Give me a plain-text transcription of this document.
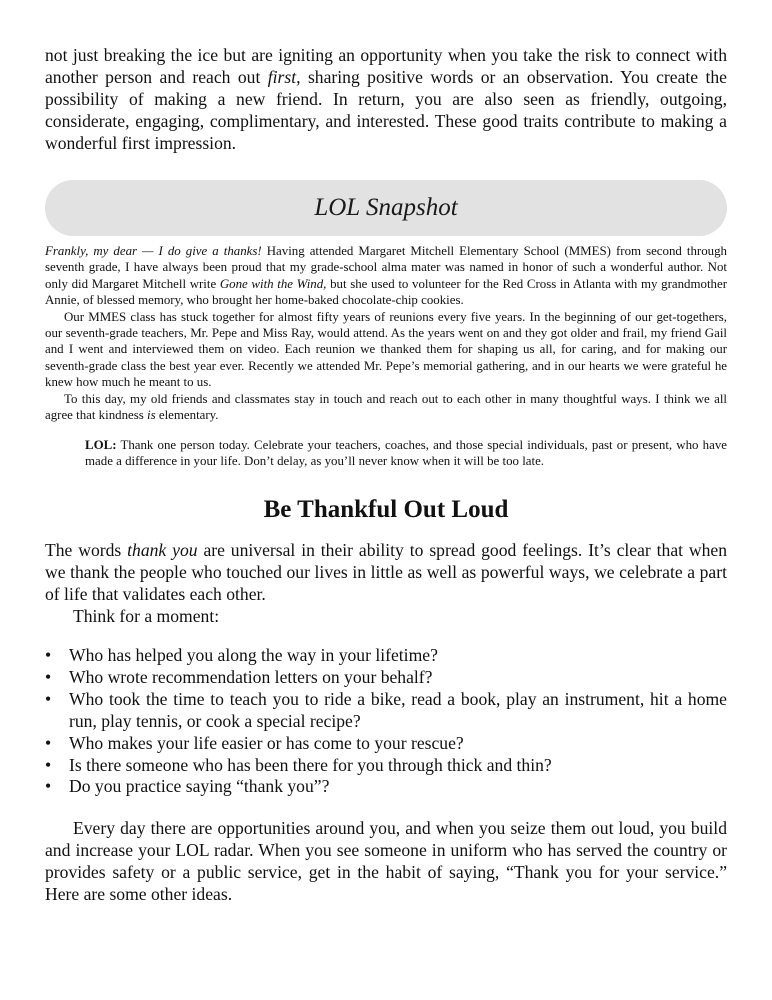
not just breaking the ice but are igniting an opportunity when you take the risk to connect with another person and reach out first, sharing positive words or an observation. You create the possibility of making a new friend. In return, you are also seen as friendly, outgoing, considerate, engaging, complimentary, and interested. These good traits contribute to making a wonderful first impression.

LOL Snapshot

Frankly, my dear — I do give a thanks! Having attended Margaret Mitchell Elementary School (MMES) from second through seventh grade, I have always been proud that my grade-school alma mater was named in honor of such a wonderful author. Not only did Margaret Mitchell write Gone with the Wind, but she used to volunteer for the Red Cross in Atlanta with my grandmother Annie, of blessed memory, who brought her home-baked chocolate-chip cookies.

Our MMES class has stuck together for almost fifty years of reunions every five years. In the beginning of our get-togethers, our seventh-grade teachers, Mr. Pepe and Miss Ray, would attend. As the years went on and they got older and frail, my friend Gail and I went and interviewed them on video. Each reunion we thanked them for shaping us all, for caring, and for making our seventh-grade class the best year ever. Recently we attended Mr. Pepe’s memorial gathering, and in our hearts we were grateful he knew how much he meant to us.

To this day, my old friends and classmates stay in touch and reach out to each other in many thoughtful ways. I think we all agree that kindness is elementary.

LOL: Thank one person today. Celebrate your teachers, coaches, and those special individuals, past or present, who have made a difference in your life. Don’t delay, as you’ll never know when it will be too late.

Be Thankful Out Loud

The words thank you are universal in their ability to spread good feelings. It’s clear that when we thank the people who touched our lives in little as well as powerful ways, we celebrate a part of life that validates each other.

Think for a moment:

• Who has helped you along the way in your lifetime?
• Who wrote recommendation letters on your behalf?
• Who took the time to teach you to ride a bike, read a book, play an instrument, hit a home run, play tennis, or cook a special recipe?
• Who makes your life easier or has come to your rescue?
• Is there someone who has been there for you through thick and thin?
• Do you practice saying “thank you”?

Every day there are opportunities around you, and when you seize them out loud, you build and increase your LOL radar. When you see someone in uniform who has served the country or provides safety or a public service, get in the habit of saying, “Thank you for your service.” Here are some other ideas.
